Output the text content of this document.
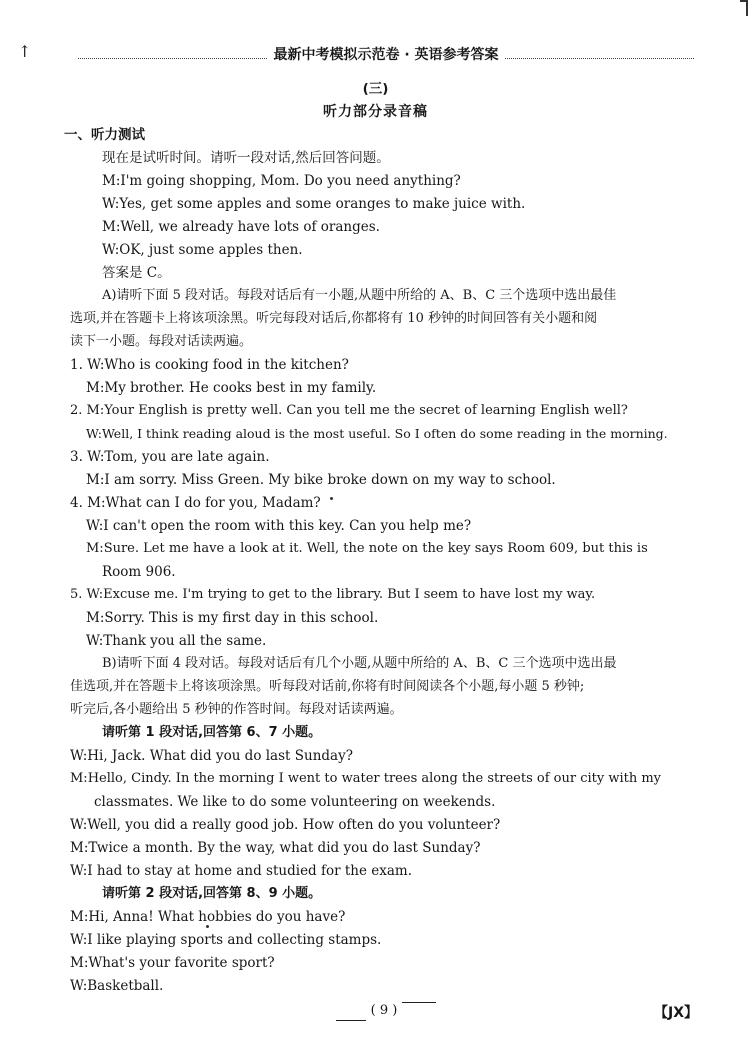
↑	最新中考模拟示范卷 · 英语参考答案
(三)
听力部分录音稿
一、听力测试
现在是试听时间。请听一段对话,然后回答问题。
M:I'm going shopping, Mom. Do you need anything?
W:Yes, get some apples and some oranges to make juice with.
M:Well, we already have lots of oranges.
W:OK, just some apples then.
答案是 C。
A)请听下面 5 段对话。每段对话后有一小题,从题中所给的 A、B、C 三个选项中选出最佳
选项,并在答题卡上将该项涂黑。听完每段对话后,你都将有 10 秒钟的时间回答有关小题和阅
读下一小题。每段对话读两遍。
1. W:Who is cooking food in the kitchen?
M:My brother. He cooks best in my family.
2. M:Your English is pretty well. Can you tell me the secret of learning English well?
W:Well, I think reading aloud is the most useful. So I often do some reading in the morning.
3. W:Tom, you are late again.
M:I am sorry. Miss Green. My bike broke down on my way to school.
4. M:What can I do for you, Madam?
W:I can't open the room with this key. Can you help me?
M:Sure. Let me have a look at it. Well, the note on the key says Room 609, but this is
Room 906.
5. W:Excuse me. I'm trying to get to the library. But I seem to have lost my way.
M:Sorry. This is my first day in this school.
W:Thank you all the same.
B)请听下面 4 段对话。每段对话后有几个小题,从题中所给的 A、B、C 三个选项中选出最
佳选项,并在答题卡上将该项涂黑。听每段对话前,你将有时间阅读各个小题,每小题 5 秒钟;
听完后,各小题给出 5 秒钟的作答时间。每段对话读两遍。
请听第 1 段对话,回答第 6、7 小题。
W:Hi, Jack. What did you do last Sunday?
M:Hello, Cindy. In the morning I went to water trees along the streets of our city with my
classmates. We like to do some volunteering on weekends.
W:Well, you did a really good job. How often do you volunteer?
M:Twice a month. By the way, what did you do last Sunday?
W:I had to stay at home and studied for the exam.
请听第 2 段对话,回答第 8、9 小题。
M:Hi, Anna! What hobbies do you have?
W:I like playing sports and collecting stamps.
M:What's your favorite sport?
W:Basketball.
( 9 )	【JX】
